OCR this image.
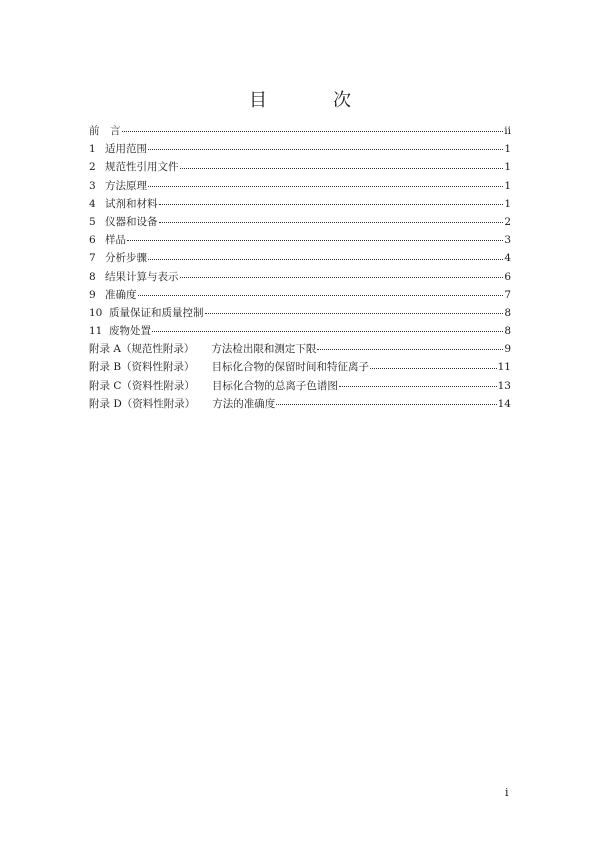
目　次
前　言	ii
1 适用范围	1
2 规范性引用文件	1
3 方法原理	1
4 试剂和材料	1
5 仪器和设备	2
6 样品	3
7 分析步骤	4
8 结果计算与表示	6
9 准确度	7
10 质量保证和质量控制	8
11 废物处置	8
附录 A（规范性附录） 方法检出限和测定下限	9
附录 B（资料性附录） 目标化合物的保留时间和特征离子	11
附录 C（资料性附录） 目标化合物的总离子色谱图	13
附录 D（资料性附录） 方法的准确度	14
i
